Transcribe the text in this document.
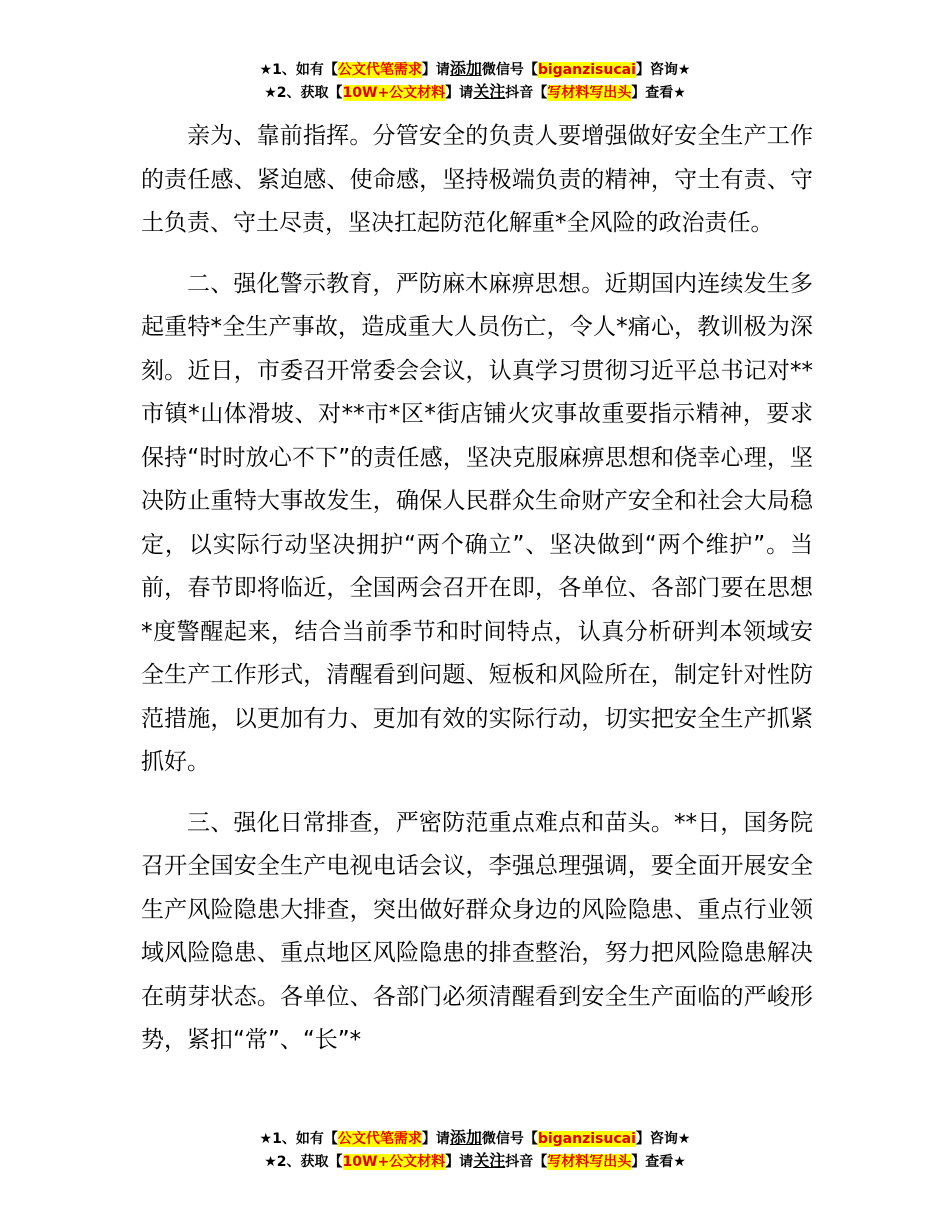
★1、如有【公文代笔需求】请添加微信号【biganzisucai】咨询★
★2、获取【10W+公文材料】请关注抖音【写材料写出头】查看★

亲为、靠前指挥。分管安全的负责人要增强做好安全生产工作的责任感、紧迫感、使命感，坚持极端负责的精神，守土有责、守土负责、守土尽责，坚决扛起防范化解重*全风险的政治责任。

二、强化警示教育，严防麻木麻痹思想。近期国内连续发生多起重特*全生产事故，造成重大人员伤亡，令人*痛心，教训极为深刻。近日，市委召开常委会会议，认真学习贯彻习近平总书记对**市镇*山体滑坡、对**市*区*街店铺火灾事故重要指示精神，要求保持“时时放心不下”的责任感，坚决克服麻痹思想和侥幸心理，坚决防止重特大事故发生，确保人民群众生命财产安全和社会大局稳定，以实际行动坚决拥护“两个确立”、坚决做到“两个维护”。当前，春节即将临近，全国两会召开在即，各单位、各部门要在思想*度警醒起来，结合当前季节和时间特点，认真分析研判本领域安全生产工作形式，清醒看到问题、短板和风险所在，制定针对性防范措施，以更加有力、更加有效的实际行动，切实把安全生产抓紧抓好。

三、强化日常排查，严密防范重点难点和苗头。**日，国务院召开全国安全生产电视电话会议，李强总理强调，要全面开展安全生产风险隐患大排查，突出做好群众身边的风险隐患、重点行业领域风险隐患、重点地区风险隐患的排查整治，努力把风险隐患解决在萌芽状态。各单位、各部门必须清醒看到安全生产面临的严峻形势，紧扣“常”、“长”*

★1、如有【公文代笔需求】请添加微信号【biganzisucai】咨询★
★2、获取【10W+公文材料】请关注抖音【写材料写出头】查看★
